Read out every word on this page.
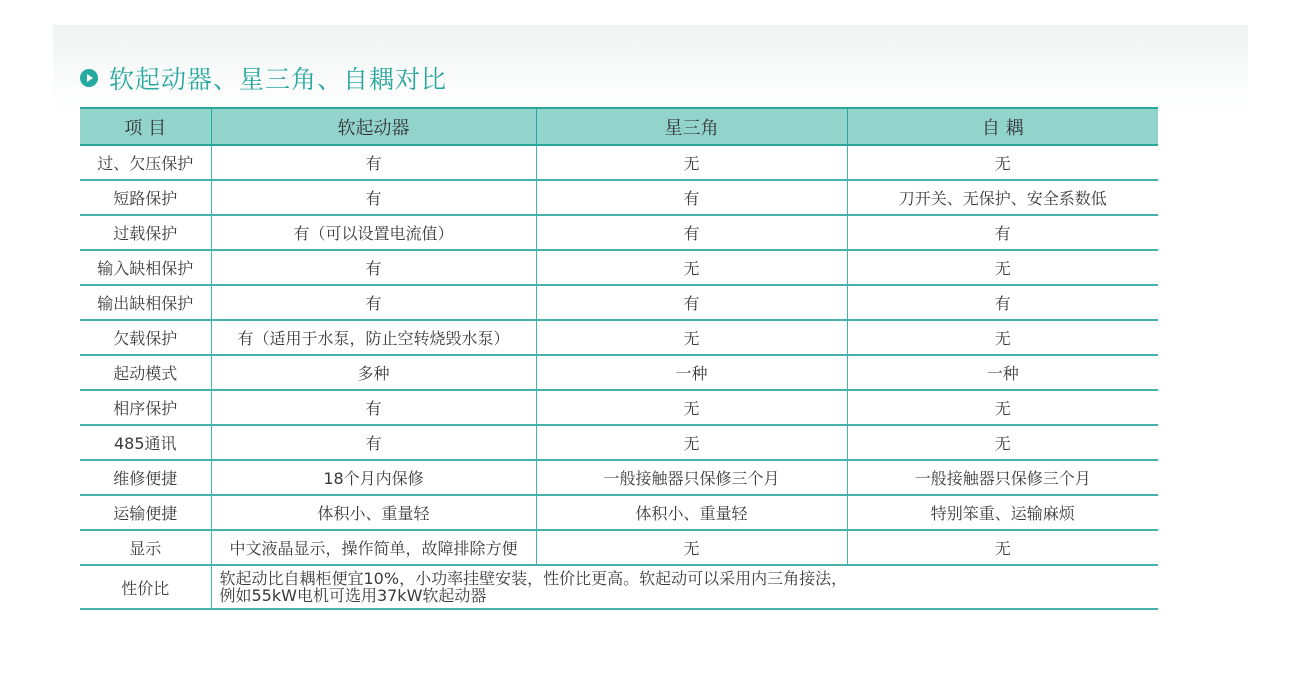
软起动器、星三角、自耦对比
项 目	软起动器	星三角	自 耦
过、欠压保护	有	无	无
短路保护	有	有	刀开关、无保护、安全系数低
过载保护	有（可以设置电流值）	有	有
输入缺相保护	有	无	无
输出缺相保护	有	有	有
欠载保护	有（适用于水泵，防止空转烧毁水泵）	无	无
起动模式	多种	一种	一种
相序保护	有	无	无
485通讯	有	无	无
维修便捷	18个月内保修	一般接触器只保修三个月	一般接触器只保修三个月
运输便捷	体积小、重量轻	体积小、重量轻	特别笨重、运输麻烦
显示	中文液晶显示，操作简单，故障排除方便	无	无
性价比	软起动比自耦柜便宜10%，小功率挂壁安装，性价比更高。软起动可以采用内三角接法，
例如55kW电机可选用37kW软起动器		
